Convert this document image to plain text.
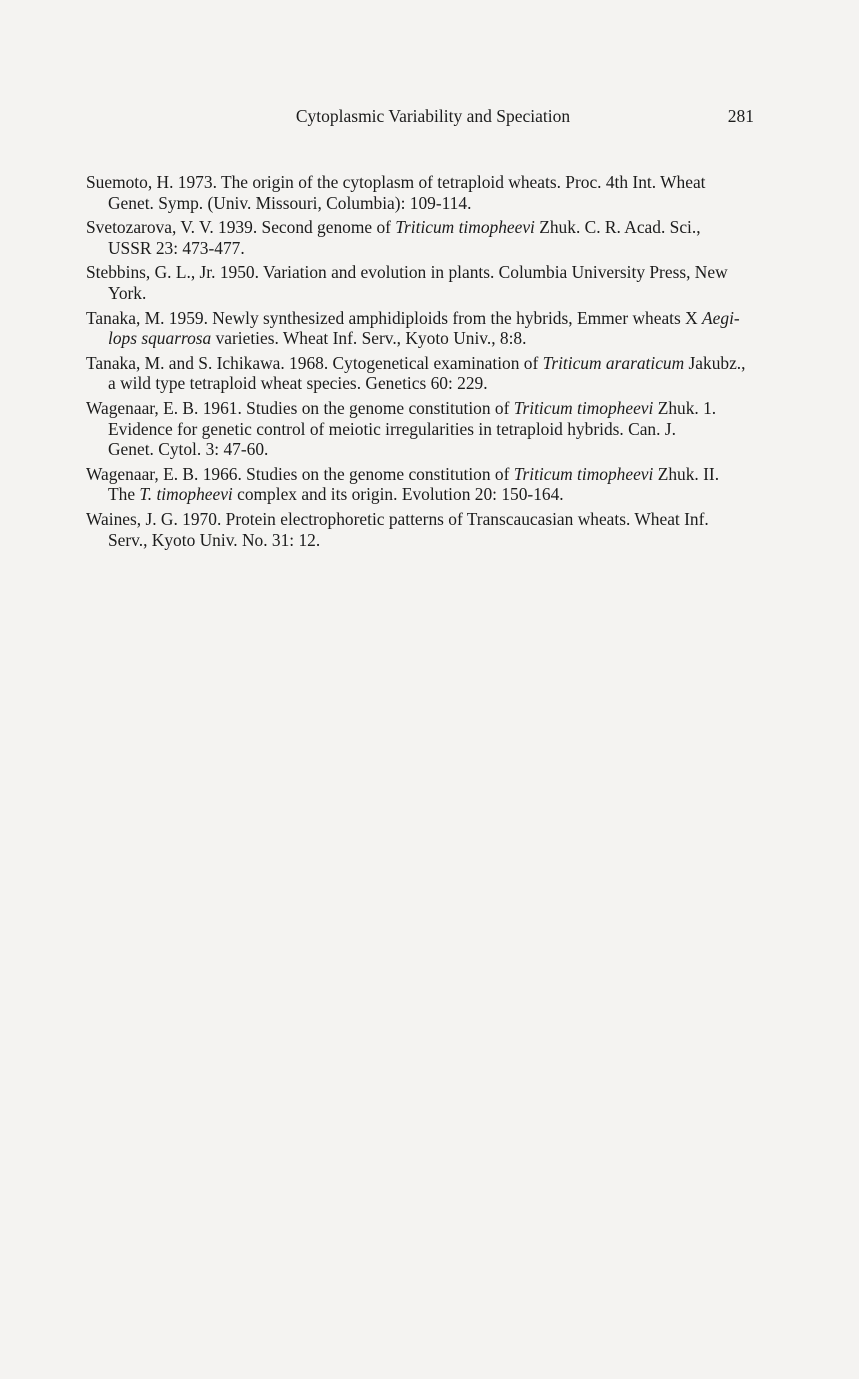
Cytoplasmic Variability and Speciation	281
Suemoto, H. 1973. The origin of the cytoplasm of tetraploid wheats. Proc. 4th Int. Wheat
Genet. Symp. (Univ. Missouri, Columbia): 109-114.
Svetozarova, V. V. 1939. Second genome of Triticum timopheevi Zhuk. C. R. Acad. Sci.,
USSR 23: 473-477.
Stebbins, G. L., Jr. 1950. Variation and evolution in plants. Columbia University Press, New
York.
Tanaka, M. 1959. Newly synthesized amphidiploids from the hybrids, Emmer wheats X Aegi-
lops squarrosa varieties. Wheat Inf. Serv., Kyoto Univ., 8:8.
Tanaka, M. and S. Ichikawa. 1968. Cytogenetical examination of Triticum araraticum Jakubz.,
a wild type tetraploid wheat species. Genetics 60: 229.
Wagenaar, E. B. 1961. Studies on the genome constitution of Triticum timopheevi Zhuk. 1.
Evidence for genetic control of meiotic irregularities in tetraploid hybrids. Can. J.
Genet. Cytol. 3: 47-60.
Wagenaar, E. B. 1966. Studies on the genome constitution of Triticum timopheevi Zhuk. II.
The T. timopheevi complex and its origin. Evolution 20: 150-164.
Waines, J. G. 1970. Protein electrophoretic patterns of Transcaucasian wheats. Wheat Inf.
Serv., Kyoto Univ. No. 31: 12.
